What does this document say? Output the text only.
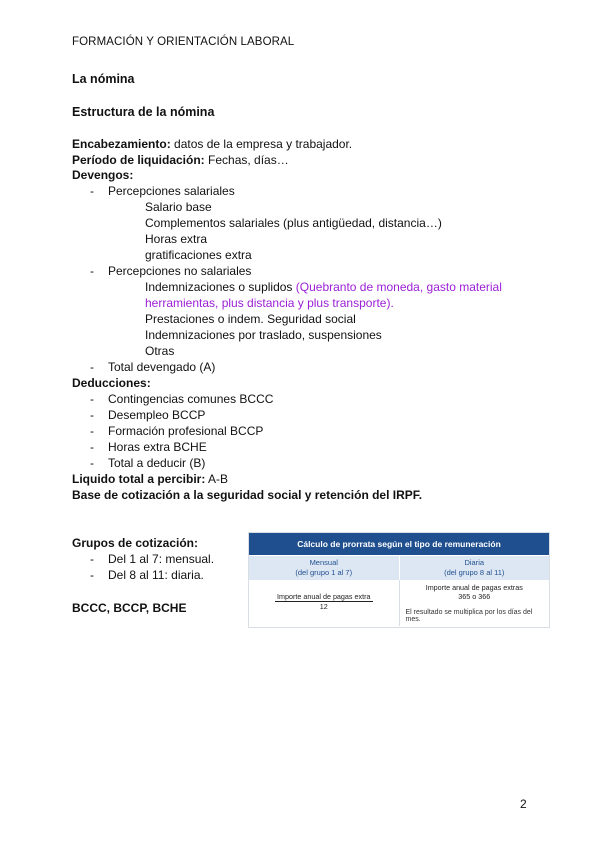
FORMACIÓN Y ORIENTACIÓN LABORAL
La nómina
Estructura de la nómina
Encabezamiento: datos de la empresa y trabajador.
Período de liquidación: Fechas, días…
Devengos:
- Percepciones salariales
Salario base
Complementos salariales (plus antigüedad, distancia…)
Horas extra
gratificaciones extra
- Percepciones no salariales
Indemnizaciones o suplidos (Quebranto de moneda, gasto material
herramientas, plus distancia y plus transporte).
Prestaciones o indem. Seguridad social
Indemnizaciones por traslado, suspensiones
Otras
- Total devengado (A)
Deducciones:
- Contingencias comunes BCCC
- Desempleo BCCP
- Formación profesional BCCP
- Horas extra BCHE
- Total a deducir (B)
Liquido total a percibir: A-B
Base de cotización a la seguridad social y retención del IRPF.
Grupos de cotización:
- Del 1 al 7: mensual.
- Del 8 al 11: diaria.
BCCC, BCCP, BCHE
Cálculo de prorrata según el tipo de remuneración
Mensual
(del grupo 1 al 7)
Diaria
(del grupo 8 al 11)
Importe anual de pagas extra
12
Importe anual de pagas extras
365 o 366
El resultado se multiplica por los días del mes.
2
